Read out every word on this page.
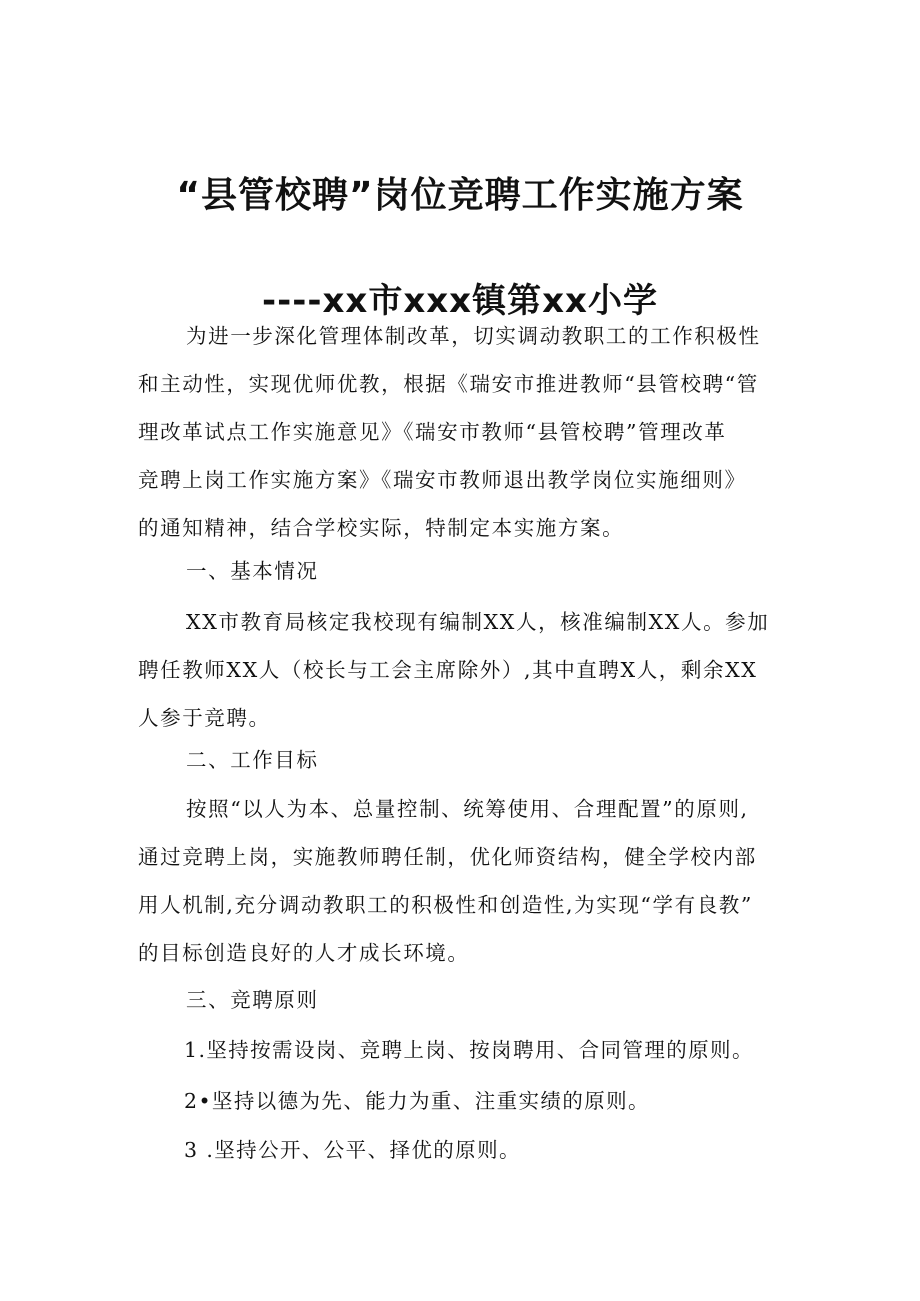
“县管校聘”岗位竞聘工作实施方案
----xx市xxx镇第xx小学
为进一步深化管理体制改革，切实调动教职工的工作积极性
和主动性，实现优师优教，根据《瑞安市推进教师“县管校聘“管
理改革试点工作实施意见》《瑞安市教师“县管校聘”管理改革
竞聘上岗工作实施方案》《瑞安市教师退出教学岗位实施细则》
的通知精神，结合学校实际，特制定本实施方案。

一、基本情况

XX市教育局核定我校现有编制XX人，核准编制XX人。参加
聘任教师XX人（校长与工会主席除外）,其中直聘X人，剩余XX
人参于竞聘。

二、工作目标

按照“以人为本、总量控制、统筹使用、合理配置”的原则,
通过竞聘上岗，实施教师聘任制，优化师资结构，健全学校内部
用人机制,充分调动教职工的积极性和创造性,为实现“学有良教”
的目标创造良好的人才成长环境。

三、竞聘原则

1.坚持按需设岗、竞聘上岗、按岗聘用、合同管理的原则。

2•坚持以德为先、能力为重、注重实绩的原则。

3 .坚持公开、公平、择优的原则。
